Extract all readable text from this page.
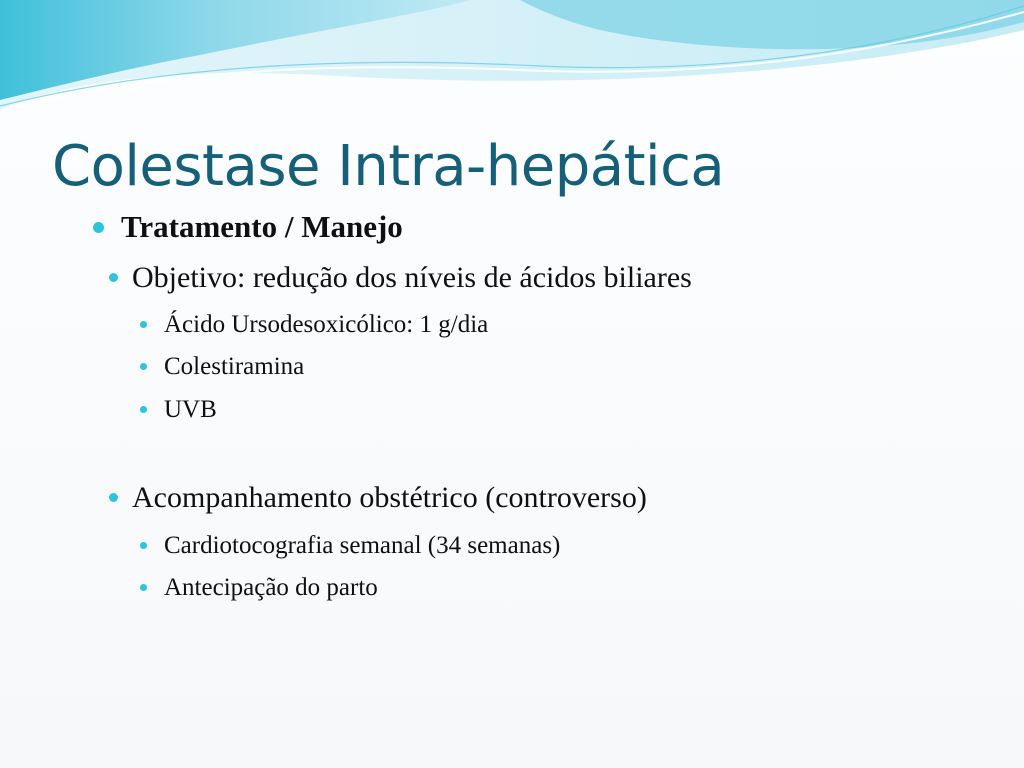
Colestase Intra-hepática
Tratamento / Manejo
Objetivo: redução dos níveis de ácidos biliares
Ácido Ursodesoxicólico: 1 g/dia
Colestiramina
UVB
Acompanhamento obstétrico (controverso)
Cardiotocografia semanal (34 semanas)
Antecipação do parto
